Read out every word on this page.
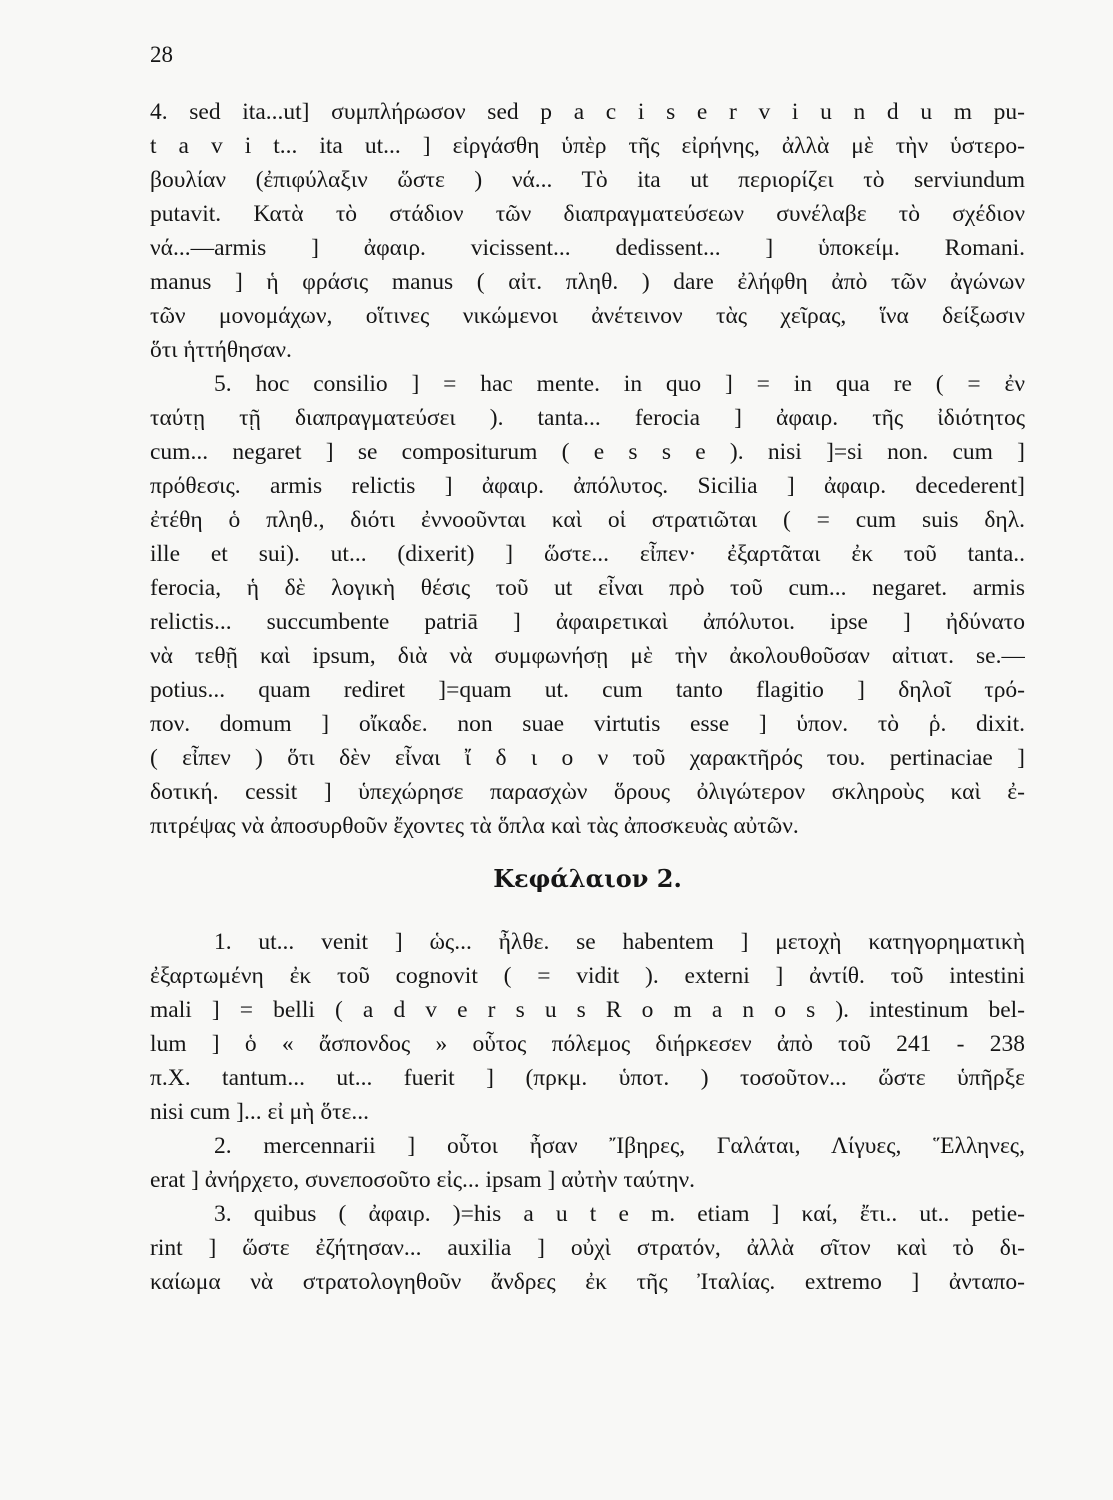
28
4. sed ita...ut] συμπλήρωσον sed p a c i s e r v i u n d u m pu-
t a v i t... ita ut... ] εἰργάσθη ὑπὲρ τῆς εἰρήνης, ἀλλὰ μὲ τὴν ὑστερο-
βουλίαν (ἐπιφύλαξιν ὥστε ) νά... Τὸ ita ut περιορίζει τὸ serviundum
putavit. Κατὰ τὸ στάδιον τῶν διαπραγματεύσεων συνέλαβε τὸ σχέδιον
νά...—armis ] ἀφαιρ. vicissent... dedissent... ] ὑποκείμ. Romani.
manus ] ἡ φράσις manus ( αἰτ. πληθ. ) dare ἐλήφθη ἀπὸ τῶν ἀγώνων
τῶν μονομάχων, οἵτινες νικώμενοι ἀνέτεινον τὰς χεῖρας, ἵνα δείξωσιν
ὅτι ἡττήθησαν.
5. hoc consilio ] = hac mente. in quo ] = in qua re ( = ἐν
ταύτῃ τῇ διαπραγματεύσει ). tanta... ferocia ] ἀφαιρ. τῆς ἰδιότητος
cum... negaret ] se compositurum ( e s s e ). nisi ]=si non. cum ]
πρόθεσις. armis relictis ] ἀφαιρ. ἀπόλυτος. Sicilia ] ἀφαιρ. decederent]
ἐτέθη ὁ πληθ., διότι ἐννοοῦνται καὶ οἱ στρατιῶται ( = cum suis δηλ.
ille et sui). ut... (dixerit) ] ὥστε... εἶπεν· ἐξαρτᾶται ἐκ τοῦ tanta..
ferocia, ἡ δὲ λογικὴ θέσις τοῦ ut εἶναι πρὸ τοῦ cum... negaret. armis
relictis... succumbente patriā ] ἀφαιρετικαὶ ἀπόλυτοι. ipse ] ἠδύνατο
νὰ τεθῇ καὶ ipsum, διὰ νὰ συμφωνήσῃ μὲ τὴν ἀκολουθοῦσαν αἰτιατ. se.—
potius... quam rediret ]=quam ut. cum tanto flagitio ] δηλοῖ τρό-
πον. domum ] οἴκαδε. non suae virtutis esse ] ὑπον. τὸ ῥ. dixit.
( εἶπεν ) ὅτι δὲν εἶναι ἴ δ ι ο ν τοῦ χαρακτῆρός του. pertinaciae ]
δοτική. cessit ] ὑπεχώρησε παρασχὼν ὅρους ὀλιγώτερον σκληροὺς καὶ ἐ-
πιτρέψας νὰ ἀποσυρθοῦν ἔχοντες τὰ ὅπλα καὶ τὰς ἀποσκευὰς αὐτῶν.
Κεφάλαιον 2.
1. ut... venit ] ὡς... ἦλθε. se habentem ] μετοχὴ κατηγορηματικὴ
ἐξαρτωμένη ἐκ τοῦ cognovit ( = vidit ). externi ] ἀντίθ. τοῦ intestini
mali ] = belli ( a d v e r s u s R o m a n o s ). intestinum bel-
lum ] ὁ « ἄσπονδος » οὗτος πόλεμος διήρκεσεν ἀπὸ τοῦ 241 - 238
π.Χ. tantum... ut... fuerit ] (πρκμ. ὑποτ. ) τοσοῦτον... ὥστε ὑπῆρξε
nisi cum ]... εἰ μὴ ὅτε...
2. mercennarii ] οὗτοι ἦσαν Ἴβηρες, Γαλάται, Λίγυες, Ἕλληνες,
erat ] ἀνήρχετο, συνεποσοῦτο εἰς... ipsam ] αὐτὴν ταύτην.
3. quibus ( ἀφαιρ. )=his a u t e m. etiam ] καί, ἔτι.. ut.. petie-
rint ] ὥστε ἐζήτησαν... auxilia ] οὐχὶ στρατόν, ἀλλὰ σῖτον καὶ τὸ δι-
καίωμα νὰ στρατολογηθοῦν ἄνδρες ἐκ τῆς Ἰταλίας. extremo ] ἀνταπο-
